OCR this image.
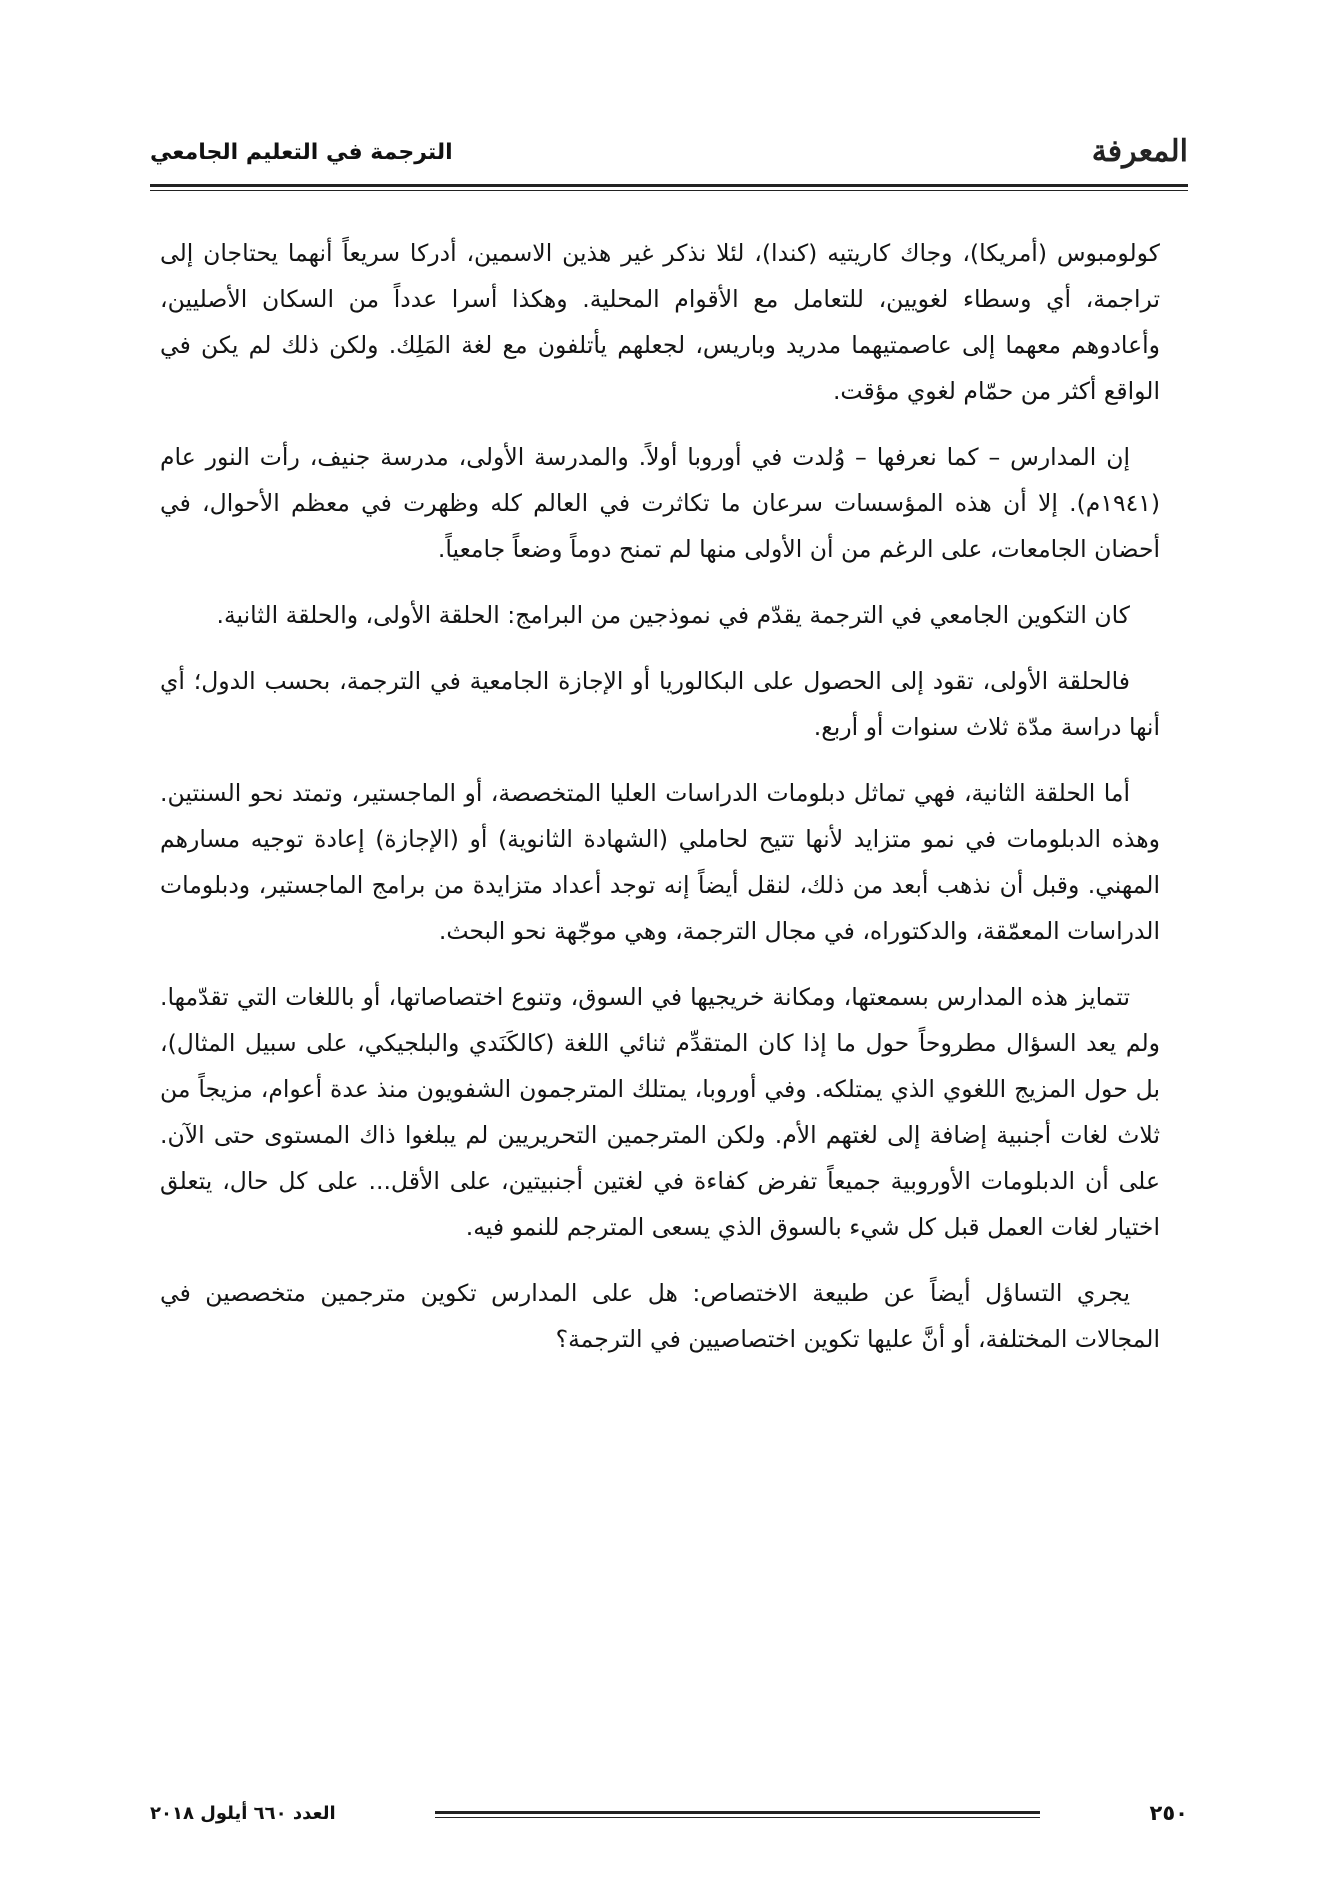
المعرفة
الترجمة في التعليم الجامعي

كولومبوس (أمريكا)، وجاك كاريتيه (كندا)، لئلا نذكر غير هذين الاسمين، أدركا سريعاً أنهما يحتاجان إلى تراجمة، أي وسطاء لغويين، للتعامل مع الأقوام المحلية. وهكذا أسرا عدداً من السكان الأصليين، وأعادوهم معهما إلى عاصمتيهما مدريد وباريس، لجعلهم يأتلفون مع لغة المَلِك. ولكن ذلك لم يكن في الواقع أكثر من حمّام لغوي مؤقت.

إن المدارس – كما نعرفها – وُلدت في أوروبا أولاً. والمدرسة الأولى، مدرسة جنيف، رأت النور عام (١٩٤١م). إلا أن هذه المؤسسات سرعان ما تكاثرت في العالم كله وظهرت في معظم الأحوال، في أحضان الجامعات، على الرغم من أن الأولى منها لم تمنح دوماً وضعاً جامعياً.

كان التكوين الجامعي في الترجمة يقدّم في نموذجين من البرامج: الحلقة الأولى، والحلقة الثانية.

فالحلقة الأولى، تقود إلى الحصول على البكالوريا أو الإجازة الجامعية في الترجمة، بحسب الدول؛ أي أنها دراسة مدّة ثلاث سنوات أو أربع.

أما الحلقة الثانية، فهي تماثل دبلومات الدراسات العليا المتخصصة، أو الماجستير، وتمتد نحو السنتين. وهذه الدبلومات في نمو متزايد لأنها تتيح لحاملي (الشهادة الثانوية) أو (الإجازة) إعادة توجيه مسارهم المهني. وقبل أن نذهب أبعد من ذلك، لنقل أيضاً إنه توجد أعداد متزايدة من برامج الماجستير، ودبلومات الدراسات المعمّقة، والدكتوراه، في مجال الترجمة، وهي موجّهة نحو البحث.

تتمايز هذه المدارس بسمعتها، ومكانة خريجيها في السوق، وتنوع اختصاصاتها، أو باللغات التي تقدّمها. ولم يعد السؤال مطروحاً حول ما إذا كان المتقدِّم ثنائي اللغة (كالكَنَدي والبلجيكي، على سبيل المثال)، بل حول المزيج اللغوي الذي يمتلكه. وفي أوروبا، يمتلك المترجمون الشفويون منذ عدة أعوام، مزيجاً من ثلاث لغات أجنبية إضافة إلى لغتهم الأم. ولكن المترجمين التحريريين لم يبلغوا ذاك المستوى حتى الآن. على أن الدبلومات الأوروبية جميعاً تفرض كفاءة في لغتين أجنبيتين، على الأقل... على كل حال، يتعلق اختيار لغات العمل قبل كل شيء بالسوق الذي يسعى المترجم للنمو فيه.

يجري التساؤل أيضاً عن طبيعة الاختصاص: هل على المدارس تكوين مترجمين متخصصين في المجالات المختلفة، أو أنَّ عليها تكوين اختصاصيين في الترجمة؟

٢٥٠
العدد ٦٦٠ أيلول ٢٠١٨
